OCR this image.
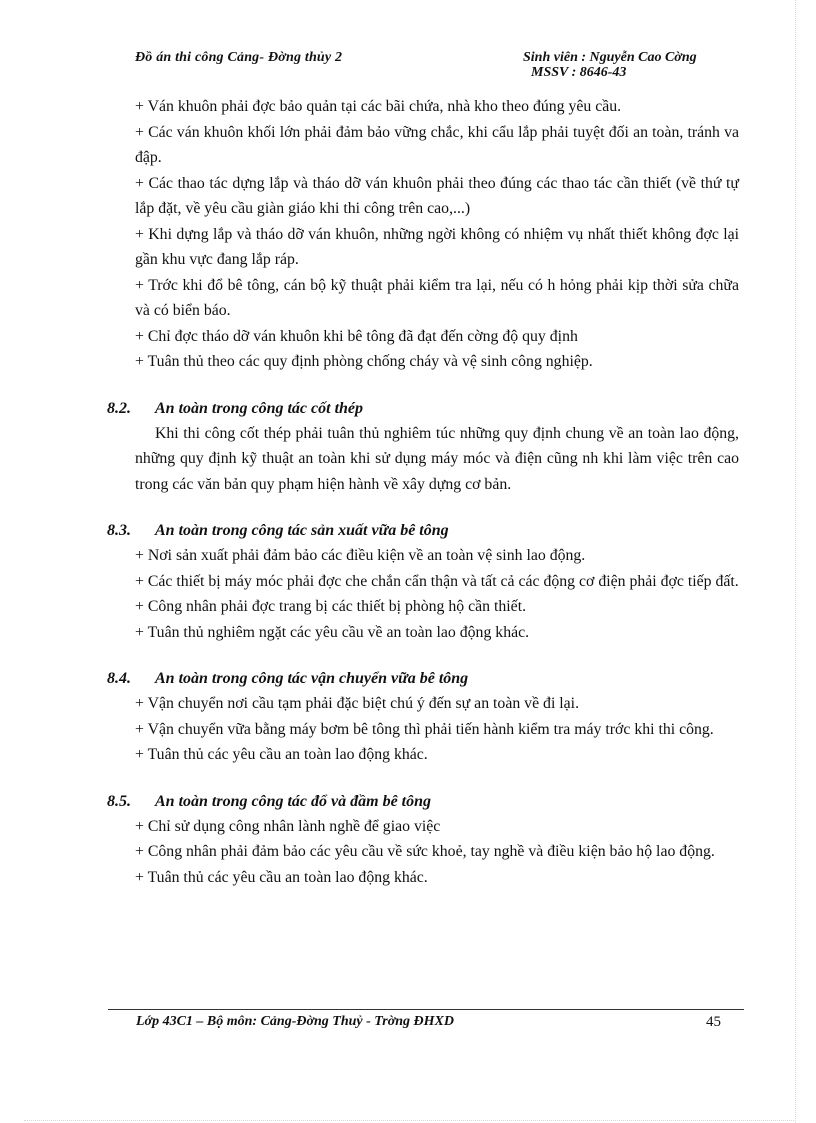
Đồ án thi công Cảng- Đờng thủy 2	Sinh viên : Nguyễn Cao Cờng
MSSV : 8646-43

+ Ván khuôn phải đợc bảo quản tại các bãi chứa, nhà kho theo đúng yêu cầu.

+ Các ván khuôn khối lớn phải đảm bảo vững chắc, khi cẩu lắp phải tuyệt đối an toàn, tránh va đập.

+ Các thao tác dựng lắp và tháo dỡ ván khuôn phải theo đúng các thao tác cần thiết (về thứ tự lắp đặt, về yêu cầu giàn giáo khi thi công trên cao,...)

+ Khi dựng lắp và tháo dỡ ván khuôn, những ngời không có nhiệm vụ nhất thiết không đợc lại gần khu vực đang lắp ráp.

+ Trớc khi đổ bê tông, cán bộ kỹ thuật phải kiểm tra lại, nếu có h hỏng phải kịp thời sửa chữa và có biển báo.

+ Chỉ đợc tháo dỡ ván khuôn khi bê tông đã đạt đến cờng độ quy định

+ Tuân thủ theo các quy định phòng chống cháy và vệ sinh công nghiệp.

8.2. An toàn trong công tác cốt thép

Khi thi công cốt thép phải tuân thủ nghiêm túc những quy định chung về an toàn lao động, những quy định kỹ thuật an toàn khi sử dụng máy móc và điện cũng nh khi làm việc trên cao trong các văn bản quy phạm hiện hành về xây dựng cơ bản.

8.3. An toàn trong công tác sản xuất vữa bê tông

+ Nơi sản xuất phải đảm bảo các điều kiện về an toàn vệ sinh lao động.

+ Các thiết bị máy móc phải đợc che chắn cẩn thận và tất cả các động cơ điện phải đợc tiếp đất.

+ Công nhân phải đợc trang bị các thiết bị phòng hộ cần thiết.

+ Tuân thủ nghiêm ngặt các yêu cầu về an toàn lao động khác.

8.4. An toàn trong công tác vận chuyển vữa bê tông

+ Vận chuyển nơi cầu tạm phải đặc biệt chú ý đến sự an toàn về đi lại.

+ Vận chuyển vữa bằng máy bơm bê tông thì phải tiến hành kiểm tra máy trớc khi thi công.

+ Tuân thủ các yêu cầu an toàn lao động khác.

8.5. An toàn trong công tác đổ và đầm bê tông

+ Chỉ sử dụng công nhân lành nghề để giao việc

+ Công nhân phải đảm bảo các yêu cầu về sức khoẻ, tay nghề và điều kiện bảo hộ lao động.

+ Tuân thủ các yêu cầu an toàn lao động khác.

Lớp 43C1 – Bộ môn: Cảng-Đờng Thuỷ - Trờng ĐHXD	45
